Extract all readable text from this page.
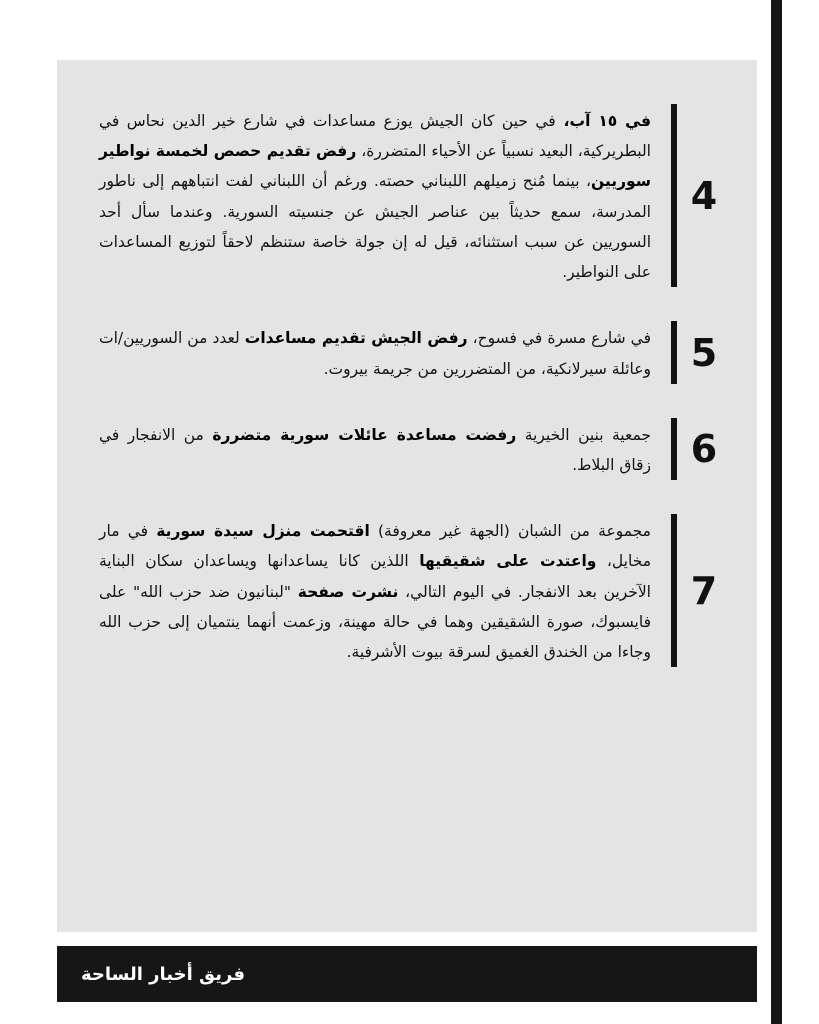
4

في ١٥ آب، في حين كان الجيش يوزع مساعدات في شارع خير الدين نحاس في البطريركية، البعيد نسبياً عن الأحياء المتضررة، رفض تقديم حصص لخمسة نواطير سوريين، بينما مُنح زميلهم اللبناني حصته. ورغم أن اللبناني لفت انتباههم إلى ناطور المدرسة، سمع حديثاً بين عناصر الجيش عن جنسيته السورية. وعندما سأل أحد السوريين عن سبب استثنائه، قيل له إن جولة خاصة ستنظم لاحقاً لتوزيع المساعدات على النواطير.

5

في شارع مسرة في فسوح، رفض الجيش تقديم مساعدات لعدد من السوريين/ات وعائلة سيرلانكية، من المتضررين من جريمة بيروت.

6

جمعية بنين الخيرية رفضت مساعدة عائلات سورية متضررة من الانفجار في زقاق البلاط.

7

مجموعة من الشبان (الجهة غير معروفة) اقتحمت منزل سيدة سورية في مار مخايل، واعتدت على شقيقيها اللذين كانا يساعدانها ويساعدان سكان البناية الآخرين بعد الانفجار. في اليوم التالي، نشرت صفحة "لبنانيون ضد حزب الله" على فايسبوك، صورة الشقيقين وهما في حالة مهينة، وزعمت أنهما ينتميان إلى حزب الله وجاءا من الخندق الغميق لسرقة بيوت الأشرفية.

فريق أخبار الساحة
